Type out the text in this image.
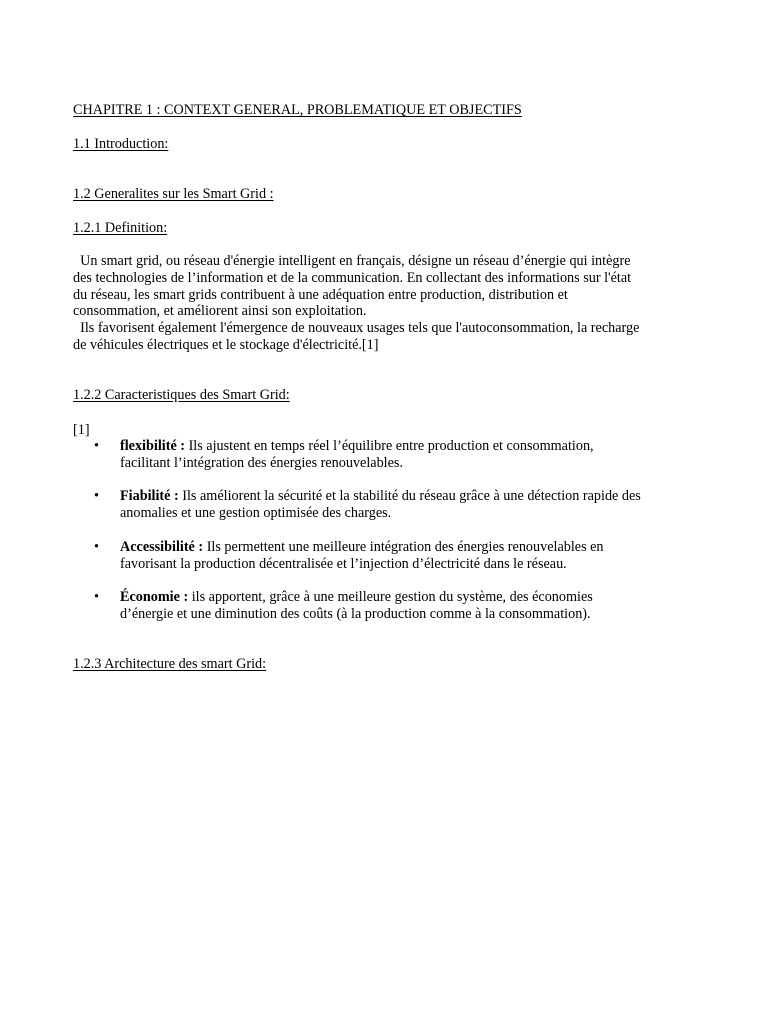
CHAPITRE 1 : CONTEXT GENERAL, PROBLEMATIQUE ET OBJECTIFS

1.1 Introduction:

1.2 Generalites sur les Smart Grid :

1.2.1 Definition:

Un smart grid, ou réseau d'énergie intelligent en français, désigne un réseau d’énergie qui intègre
des technologies de l’information et de la communication. En collectant des informations sur l'état
du réseau, les smart grids contribuent à une adéquation entre production, distribution et
consommation, et améliorent ainsi son exploitation.
Ils favorisent également l'émergence de nouveaux usages tels que l'autoconsommation, la recharge
de véhicules électriques et le stockage d'électricité.[1]

1.2.2 Caracteristiques des Smart Grid:

[1]

• flexibilité : Ils ajustent en temps réel l’équilibre entre production et consommation,
facilitant l’intégration des énergies renouvelables.
• Fiabilité : Ils améliorent la sécurité et la stabilité du réseau grâce à une détection rapide des
anomalies et une gestion optimisée des charges.
• Accessibilité : Ils permettent une meilleure intégration des énergies renouvelables en
favorisant la production décentralisée et l’injection d’électricité dans le réseau.
• Économie : ils apportent, grâce à une meilleure gestion du système, des économies
d’énergie et une diminution des coûts (à la production comme à la consommation).

1.2.3 Architecture des smart Grid:
